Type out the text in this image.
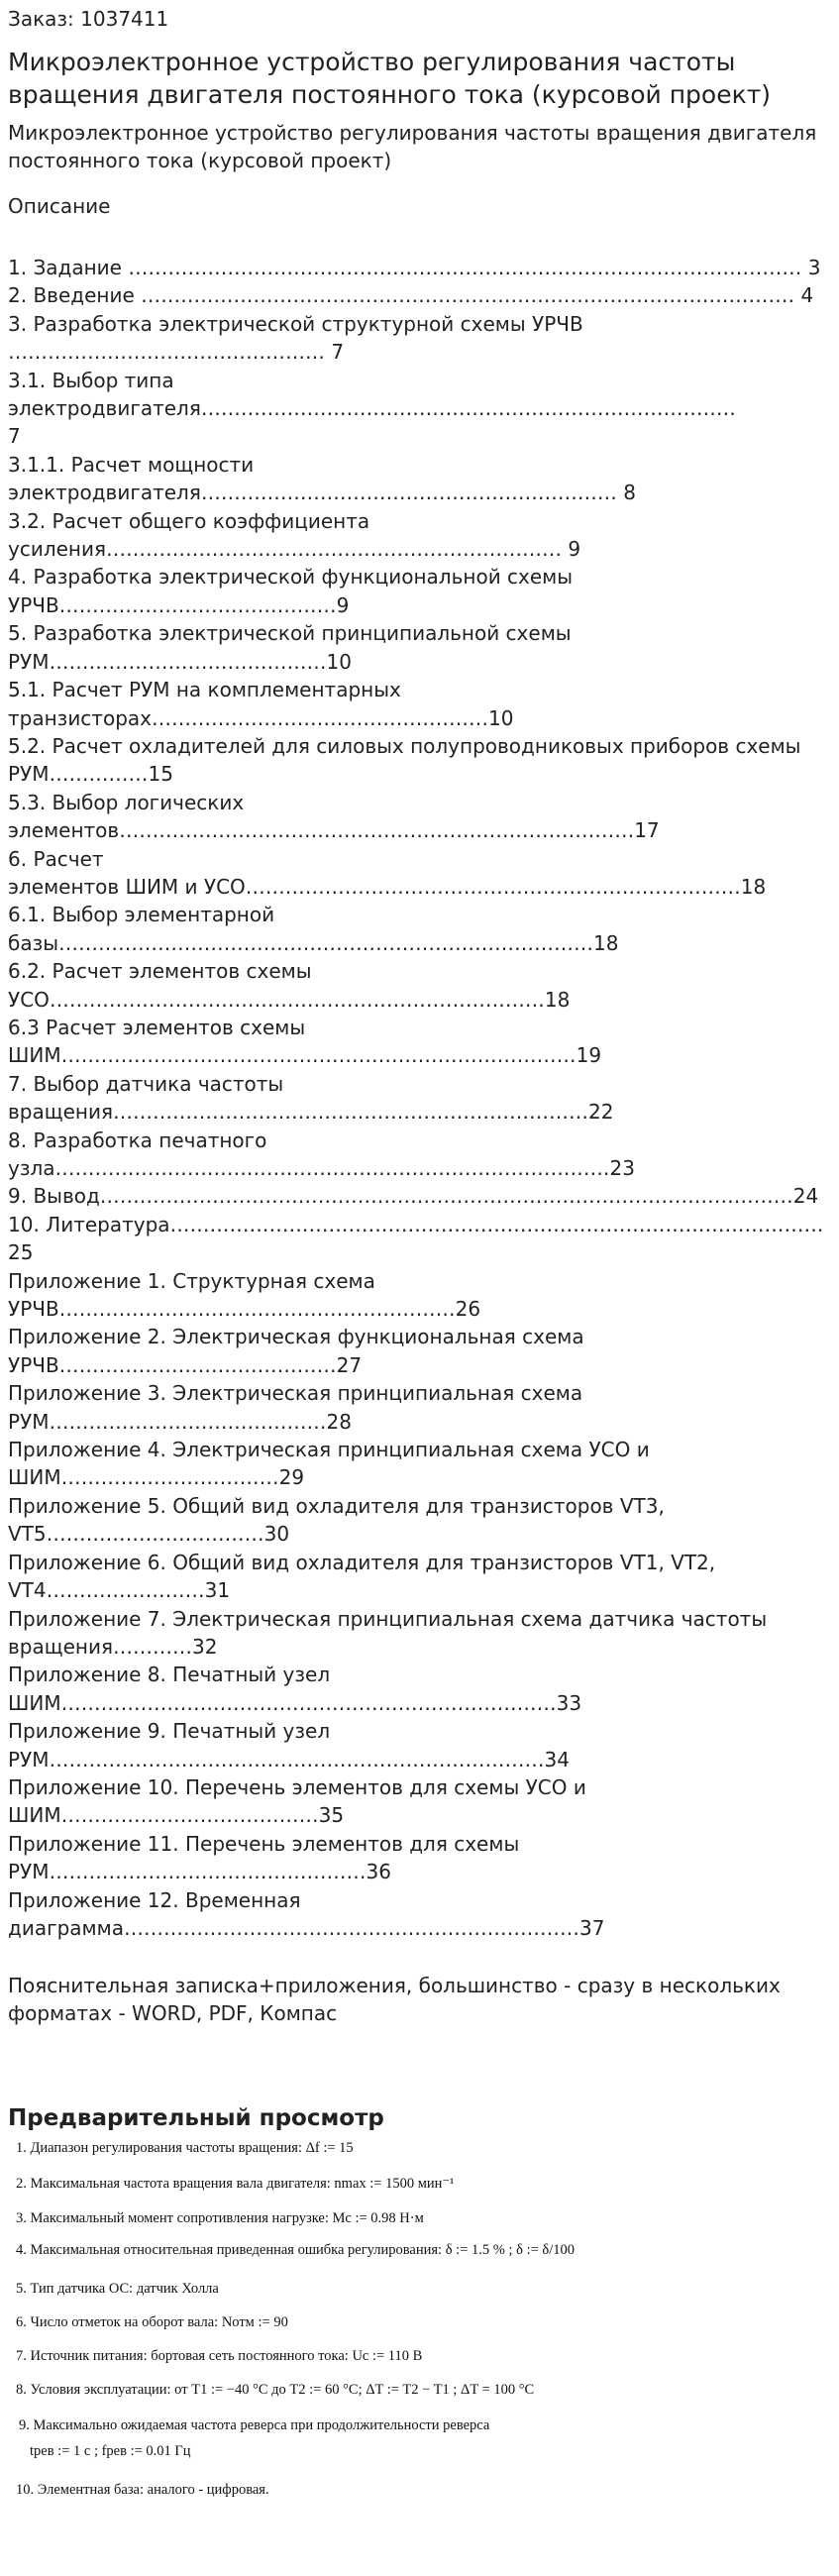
Заказ: 1037411
Микроэлектронное устройство регулирования частоты вращения двигателя постоянного тока (курсовой проект)
Микроэлектронное устройство регулирования частоты вращения двигателя постоянного тока (курсовой проект)
Описание
1. Задание ………………………………………………………………………………………… 3
2. Введение ……………………………………………………………………………………… 4
3. Разработка электрической структурной схемы УРЧВ
………………………………………… 7
3.1. Выбор типа электродвигателя………………………………………………………………………
7
3.1.1. Расчет мощности
электродвигателя……………………………………………………… 8
3.2. Расчет общего коэффициента
усиления…………………………………………………………… 9
4. Разработка электрической функциональной схемы
УРЧВ……………………………………9
5. Разработка электрической принципиальной схемы
РУМ……………………………………10
5.1. Расчет РУМ на комплементарных
транзисторах……………………………………………10
5.2. Расчет охладителей для силовых полупроводниковых приборов схемы
РУМ……………15
5.3. Выбор логических
элементов……………………………………………………………………17
6. Расчет
элементов ШИМ и УСО…………………………………………………………………18
6.1. Выбор элементарной
базы………………………………………………………………………18
6.2. Расчет элементов схемы
УСО…………………………………………………………………18
6.3 Расчет элементов схемы
ШИМ……………………………………………………………………19
7. Выбор датчика частоты
вращения………………………………………………………………22
8. Разработка печатного
узла…………………………………………………………………………23
9. Вывод……………………………………………………………………………………………24
10. Литература………………………………………………………………………………………25
Приложение 1. Структурная схема
УРЧВ……………………………………………………26
Приложение 2. Электрическая функциональная схема
УРЧВ……………………………………27
Приложение 3. Электрическая принципиальная схема
РУМ……………………………………28
Приложение 4. Электрическая принципиальная схема УСО и
ШИМ……………………………29
Приложение 5. Общий вид охладителя для транзисторов VT3,
VT5……………………………30
Приложение 6. Общий вид охладителя для транзисторов VT1, VT2,
VT4……………………31
Приложение 7. Электрическая принципиальная схема датчика частоты
вращения…………32
Приложение 8. Печатный узел
ШИМ…………………………………………………………………33
Приложение 9. Печатный узел
РУМ…………………………………………………………………34
Приложение 10. Перечень элементов для схемы УСО и
ШИМ…………………………………35
Приложение 11. Перечень элементов для схемы
РУМ…………………………………………36
Приложение 12. Временная
диаграмма……………………………………………………………37
Пояснительная записка+приложения, большинство - сразу в нескольких форматах - WORD, PDF, Компас
Предварительный просмотр
1. Диапазон регулирования частоты вращения: Δf := 15
2. Максимальная частота вращения вала двигателя: nmax := 1500 мин⁻¹
3. Максимальный момент сопротивления нагрузке: Mc := 0.98 Н·м
4. Максимальная относительная приведенная ошибка регулирования: δ := 1.5 % ; δ := δ/100
5. Тип датчика ОС: датчик Холла
6. Число отметок на оборот вала: Nотм := 90
7. Источник питания: бортовая сеть постоянного тока: Uc := 110 В
8. Условия эксплуатации: от T1 := −40 °С до T2 := 60 °С; ΔT := T2 − T1 ; ΔT = 100 °С
9. Максимально ожидаемая частота реверса при продолжительности реверса
tрев := 1 с ; fрев := 0.01 Гц
10. Элементная база: аналого - цифровая.
